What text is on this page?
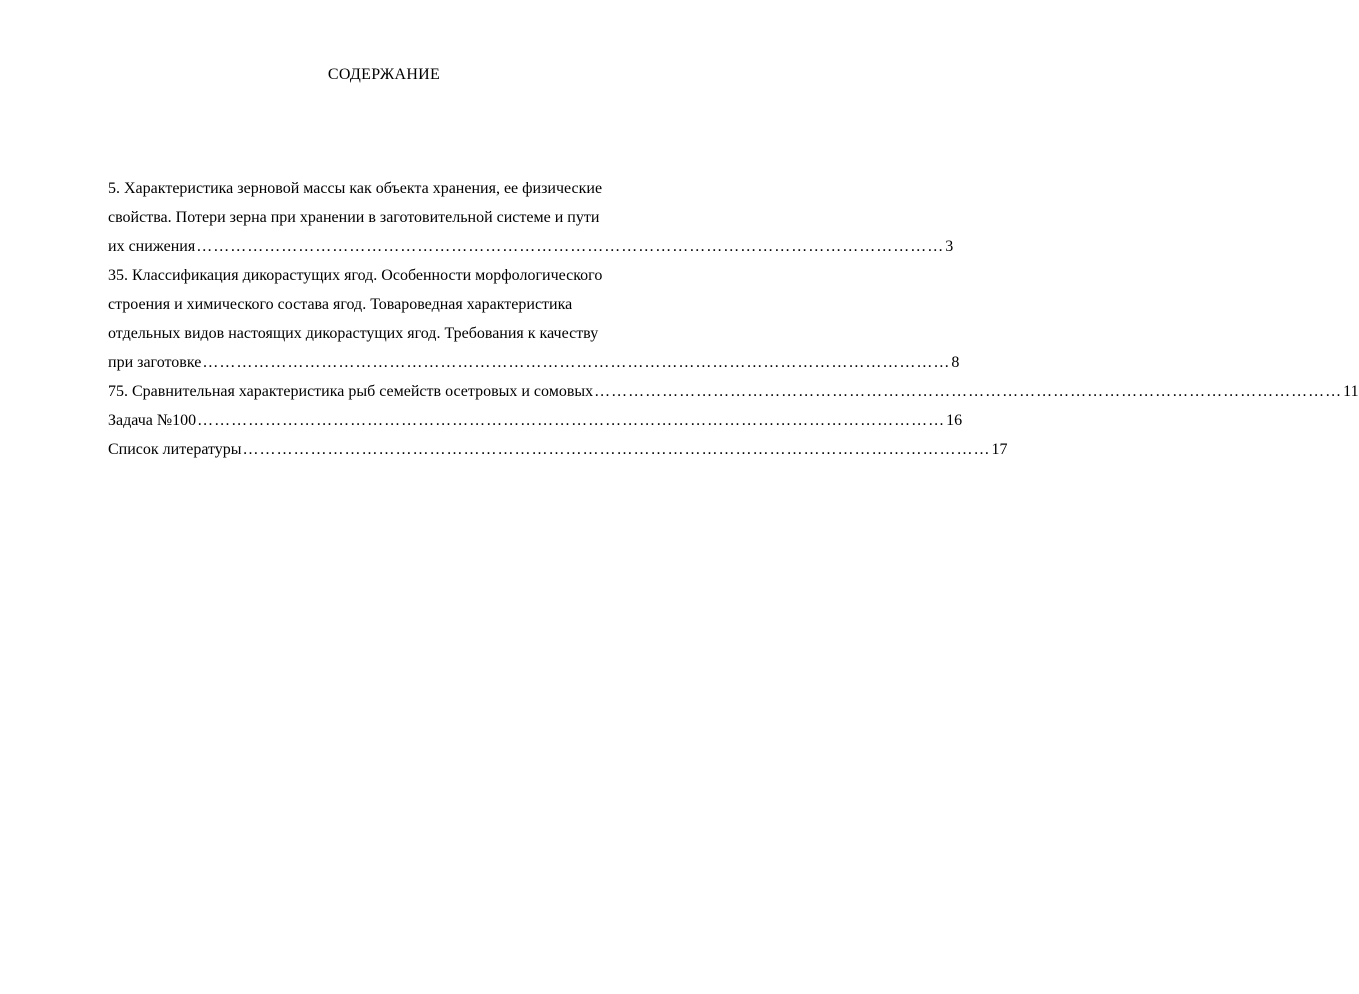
СОДЕРЖАНИЕ
5. Характеристика зерновой массы как объекта хранения, ее физические
свойства. Потери зерна при хранении в заготовительной системе и пути
их снижения …………………………………………………………………………………………………………………… 3
35. Классификация дикорастущих ягод. Особенности морфологического
строения и химического состава ягод. Товароведная характеристика
отдельных видов настоящих дикорастущих ягод. Требования к качеству
при заготовке …………………………………………………………………………………………………………………… 8
75. Сравнительная характеристика рыб семейств осетровых и сомовых …………………………………………………………………………………………………………………… 11
Задача №100 …………………………………………………………………………………………………………………… 16
Список литературы …………………………………………………………………………………………………………………… 17
